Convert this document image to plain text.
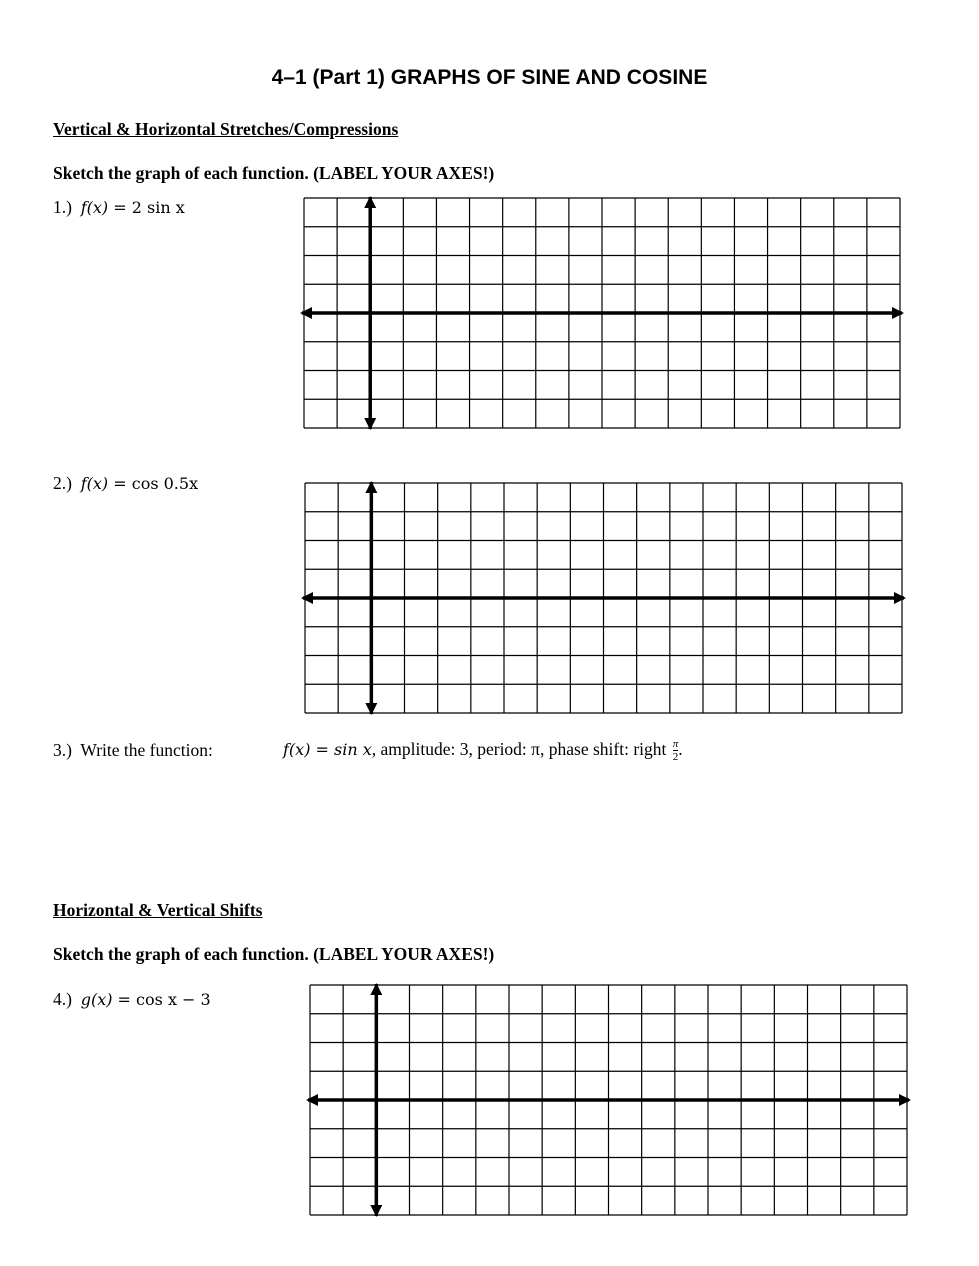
4–1 (Part 1) GRAPHS OF SINE AND COSINE
Vertical & Horizontal Stretches/Compressions
Sketch the graph of each function. (LABEL YOUR AXES!)
1.) f(x) = 2 sin x
2.) f(x) = cos 0.5x
3.) Write the function:	f(x) = sin x, amplitude: 3, period: π, phase shift: right $\frac{\pi}{2}$ .
Horizontal & Vertical Shifts
Sketch the graph of each function. (LABEL YOUR AXES!)
4.) g(x) = cos x − 3
